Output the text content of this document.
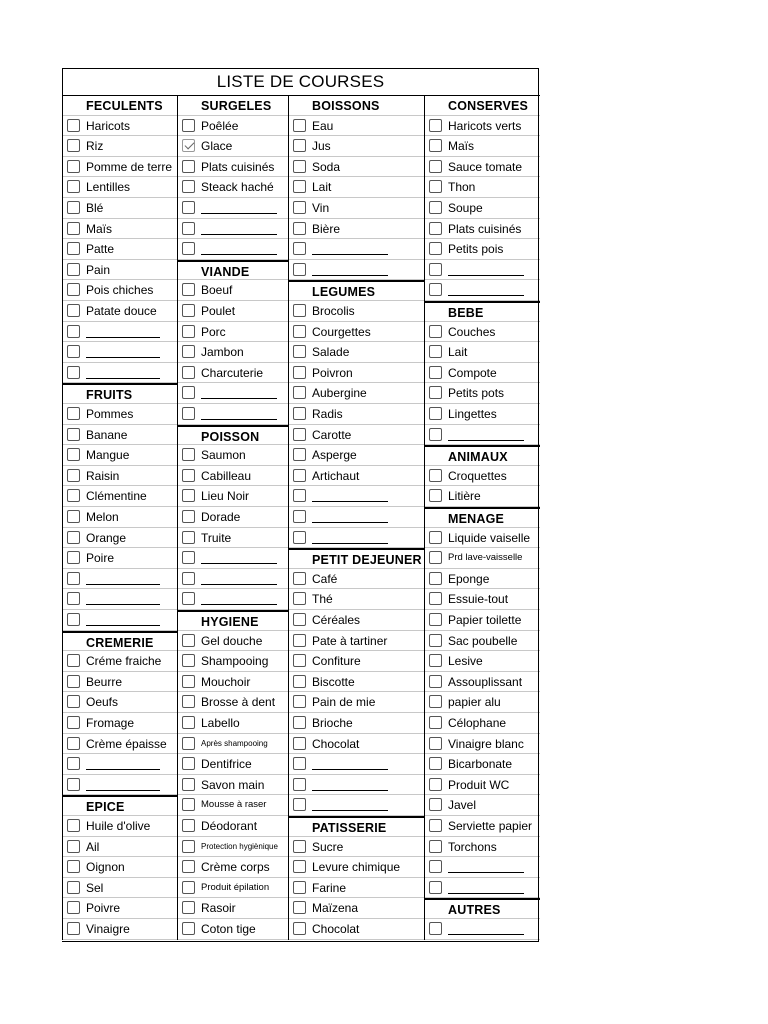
LISTE DE COURSES
FECULENTS
Haricots
Riz
Pomme de terre
Lentilles
Blé
Maïs
Patte
Pain
Pois chiches
Patate douce
FRUITS
Pommes
Banane
Mangue
Raisin
Clémentine
Melon
Orange
Poire
CREMERIE
Créme fraiche
Beurre
Oeufs
Fromage
Crème épaisse
EPICE
Huile d'olive
Ail
Oignon
Sel
Poivre
Vinaigre
SURGELES
Poêlée
Glace
Plats cuisinés
Steack haché
VIANDE
Boeuf
Poulet
Porc
Jambon
Charcuterie
POISSON
Saumon
Cabilleau
Lieu Noir
Dorade
Truite
HYGIENE
Gel douche
Shampooing
Mouchoir
Brosse à dent
Labello
Après shampooing
Dentifrice
Savon main
Mousse à raser
Déodorant
Protection hygiènique
Crème corps
Produit épilation
Rasoir
Coton tige
BOISSONS
Eau
Jus
Soda
Lait
Vin
Bière
LEGUMES
Brocolis
Courgettes
Salade
Poivron
Aubergine
Radis
Carotte
Asperge
Artichaut
PETIT DEJEUNER
Café
Thé
Céréales
Pate à tartiner
Confiture
Biscotte
Pain de mie
Brioche
Chocolat
PATISSERIE
Sucre
Levure chimique
Farine
Maïzena
Chocolat
CONSERVES
Haricots verts
Maïs
Sauce tomate
Thon
Soupe
Plats cuisinés
Petits pois
BEBE
Couches
Lait
Compote
Petits pots
Lingettes
ANIMAUX
Croquettes
Litière
MENAGE
Liquide vaiselle
Prd lave-vaisselle
Eponge
Essuie-tout
Papier toilette
Sac poubelle
Lesive
Assouplissant
papier alu
Célophane
Vinaigre blanc
Bicarbonate
Produit WC
Javel
Serviette papier
Torchons
AUTRES
